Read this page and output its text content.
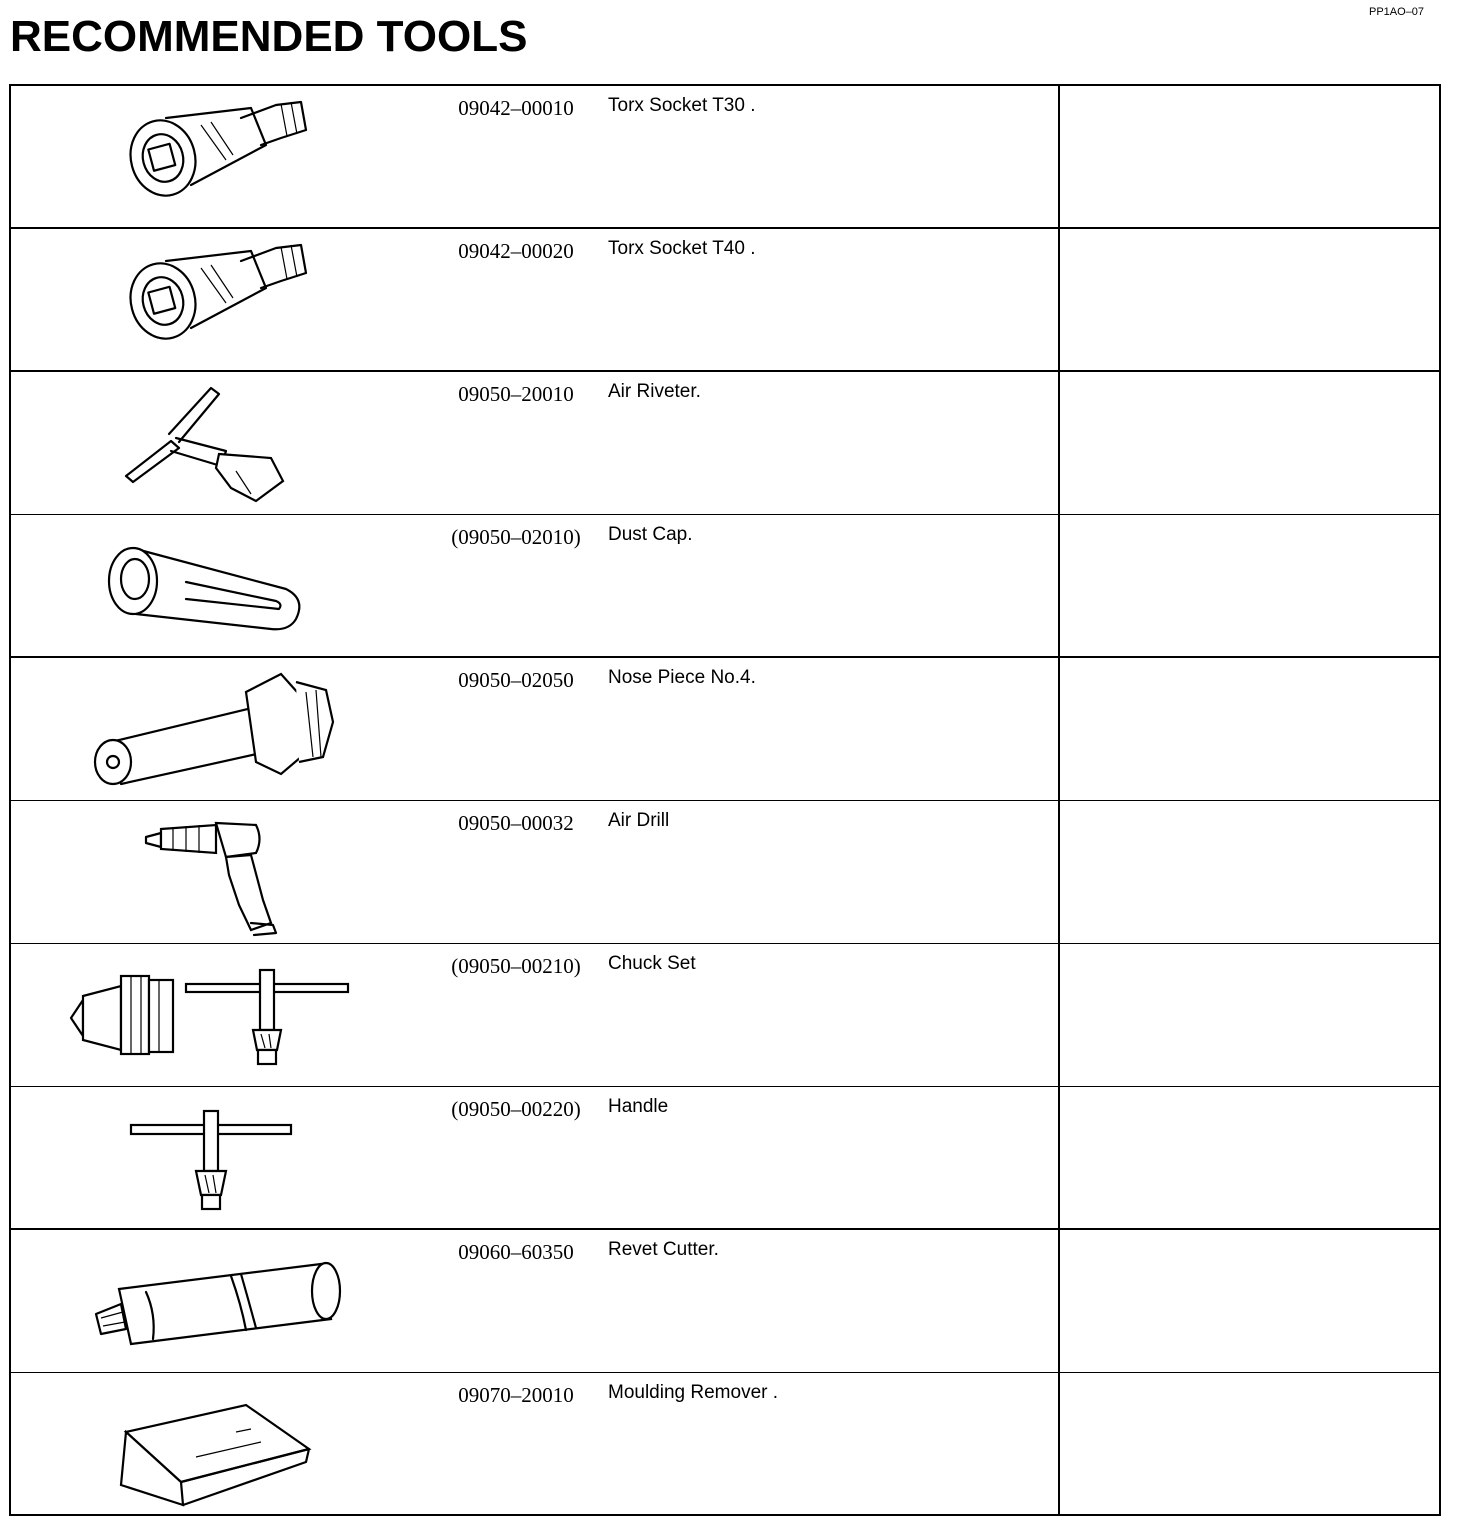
PP1AO–07
RECOMMENDED TOOLS
09042–00010	Torx Socket T30 .
09042–00020	Torx Socket T40 .
09050–20010	Air Riveter.
(09050–02010)	Dust Cap.
09050–02050	Nose Piece No.4.
09050–00032	Air Drill
(09050–00210)	Chuck Set
(09050–00220)	Handle
09060–60350	Revet Cutter.
09070–20010	Moulding Remover .
